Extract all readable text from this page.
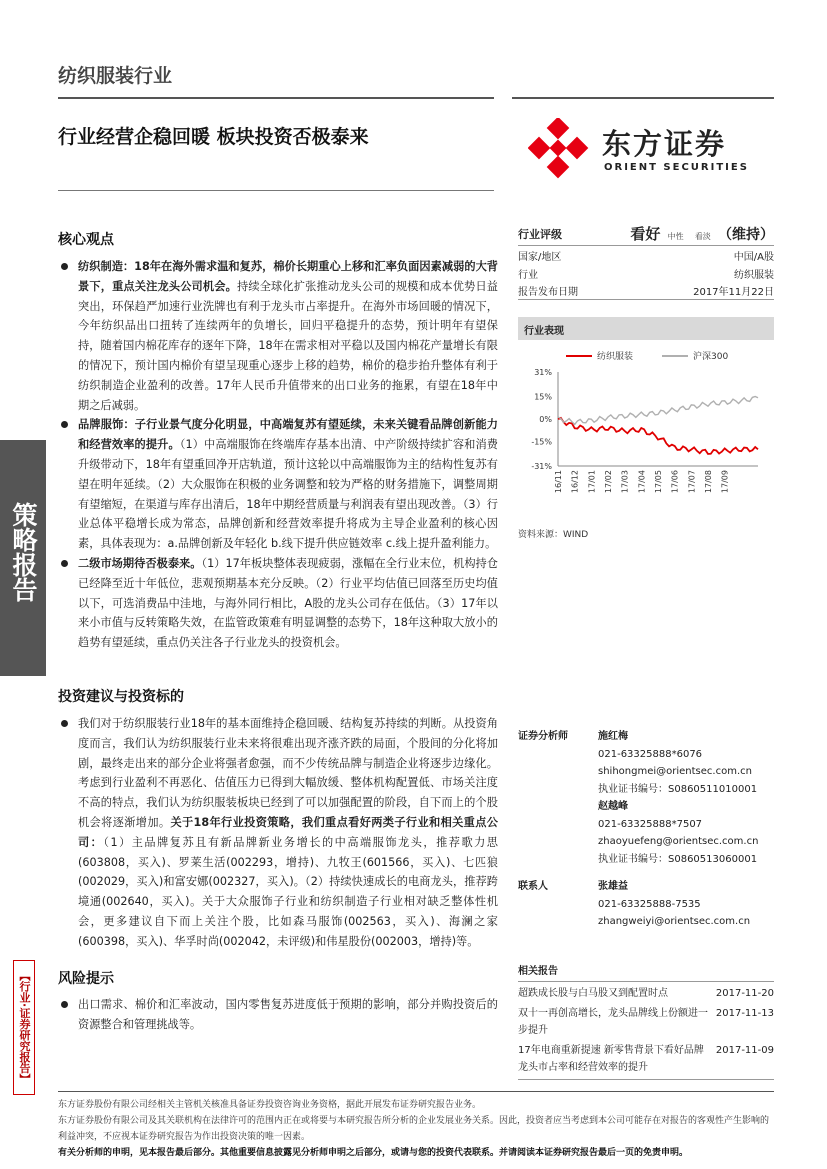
策略报告
【行业·证券研究报告】
纺织服装行业
行业经营企稳回暖 板块投资否极泰来	东方证券
ORIENT SECURITIES
核心观点
纺织制造：18年在海外需求温和复苏，棉价长期重心上移和汇率负面因素减弱的大背景下，重点关注龙头公司机会。持续全球化扩张推动龙头公司的规模和成本优势日益突出，环保趋严加速行业洗牌也有利于龙头市占率提升。在海外市场回暖的情况下，今年纺织品出口扭转了连续两年的负增长，回归平稳提升的态势，预计明年有望保持，随着国内棉花库存的逐年下降，18年在需求相对平稳以及国内棉花产量增长有限的情况下，预计国内棉价有望呈现重心逐步上移的趋势，棉价的稳步抬升整体有利于纺织制造企业盈利的改善。17年人民币升值带来的出口业务的拖累，有望在18年中期之后减弱。
品牌服饰：子行业景气度分化明显，中高端复苏有望延续，未来关键看品牌创新能力和经营效率的提升。（1）中高端服饰在终端库存基本出清、中产阶级持续扩容和消费升级带动下，18年有望重回净开店轨道，预计这轮以中高端服饰为主的结构性复苏有望在明年延续。（2）大众服饰在积极的业务调整和较为严格的财务措施下，调整周期有望缩短，在渠道与库存出清后，18年中期经营质量与利润表有望出现改善。（3）行业总体平稳增长成为常态，品牌创新和经营效率提升将成为主导企业盈利的核心因素，具体表现为：a.品牌创新及年轻化 b.线下提升供应链效率 c.线上提升盈利能力。
二级市场期待否极泰来。（1）17年板块整体表现疲弱，涨幅在全行业末位，机构持仓已经降至近十年低位，悲观预期基本充分反映。（2）行业平均估值已回落至历史均值以下，可选消费品中洼地，与海外同行相比，A股的龙头公司存在低估。（3）17年以来小市值与反转策略失效，在监管政策难有明显调整的态势下，18年这种取大放小的趋势有望延续，重点仍关注各子行业龙头的投资机会。
投资建议与投资标的
我们对于纺织服装行业18年的基本面维持企稳回暖、结构复苏持续的判断。从投资角度而言，我们认为纺织服装行业未来将很难出现齐涨齐跌的局面，个股间的分化将加剧，最终走出来的部分企业将强者愈强，而不少传统品牌与制造企业将逐步边缘化。考虑到行业盈利不再恶化、估值压力已得到大幅放缓、整体机构配置低、市场关注度不高的特点，我们认为纺织服装板块已经到了可以加强配置的阶段，自下而上的个股机会将逐渐增加。关于18年行业投资策略，我们重点看好两类子行业和相关重点公司：（1）主品牌复苏且有新品牌新业务增长的中高端服饰龙头，推荐歌力思(603808，买入)、罗莱生活(002293，增持)、九牧王(601566，买入)、七匹狼(002029，买入)和富安娜(002327，买入)。（2）持续快速成长的电商龙头，推荐跨境通(002640，买入)。关于大众服饰子行业和纺织制造子行业相对缺乏整体性机会，更多建议自下而上关注个股，比如森马服饰(002563，买入)、海澜之家(600398，买入)、华孚时尚(002042，未评级)和伟星股份(002003，增持)等。
风险提示
出口需求、棉价和汇率波动，国内零售复苏进度低于预期的影响，部分并购投资后的资源整合和管理挑战等。
行业评级	看好 中性 看淡 （维持）
国家/地区	中国/A股
行业	纺织服装
报告发布日期	2017年11月22日
行业表现
纺织服装	沪深300
31%
15%
0%
-15%
-31%
16/11 16/12 17/01 17/02 17/03 17/04 17/05 17/06 17/07 17/08 17/09
资料来源：WIND
证券分析师	施红梅
021-63325888*6076
shihongmei@orientsec.com.cn
执业证书编号：S0860511010001
赵越峰
021-63325888*7507
zhaoyuefeng@orientsec.com.cn
执业证书编号：S0860513060001
联系人	张雄益
021-63325888-7535
zhangweiyi@orientsec.com.cn
相关报告
超跌成长股与白马股又到配置时点	2017-11-20
双十一再创高增长，龙头品牌线上份额进一步提升
2017-11-13
17年电商重新提速 新零售背景下看好品牌龙头市占率和经营效率的提升
2017-11-09
东方证券股份有限公司经相关主管机关核准具备证券投资咨询业务资格，据此开展发布证券研究报告业务。
东方证券股份有限公司及其关联机构在法律许可的范围内正在或将要与本研究报告所分析的企业发展业务关系。因此，投资者应当考虑到本公司可能存在对报告的客观性产生影响的利益冲突，不应视本证券研究报告为作出投资决策的唯一因素。
有关分析师的申明，见本报告最后部分。其他重要信息披露见分析师申明之后部分，或请与您的投资代表联系。并请阅读本证券研究报告最后一页的免责申明。
